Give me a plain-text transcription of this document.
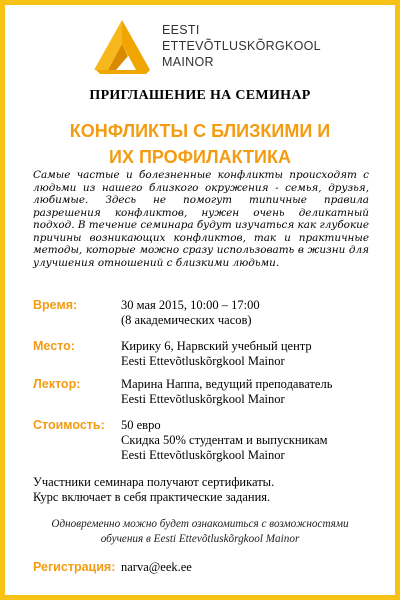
EESTI
ETTEVÕTLUSKÕRGKOOL
MAINOR
ПРИГЛАШЕНИЕ НА СЕМИНАР
КОНФЛИКТЫ С БЛИЗКИМИ И
ИХ ПРОФИЛАКТИКА
Самые частые и болезненные конфликты происходят с людьми из нашего близкого окружения - семья, друзья, любимые. Здесь не помогут типичные правила разрешения конфликтов, нужен очень деликатный подход. В течение семинара будут изучаться как глубокие причины возникающих конфликтов, так и практичные методы, которые можно сразу использовать в жизни для улучшения отношений с близкими людьми.
Время:	30 мая 2015, 10:00 – 17:00
(8 академических часов)
Место:	Кирику 6, Нарвский учебный центр
Eesti Ettevõtluskõrgkool Mainor
Лектор:	Марина Наппа, ведущий преподаватель
Eesti Ettevõtluskõrgkool Mainor
Стоимость: 50 евро
Скидка 50% студентам и выпускникам
Eesti Ettevõtluskõrgkool Mainor
Участники семинара получают сертификаты.
Курс включает в себя практические задания.
Одновременно можно будет ознакомиться с возможностями
обучения в Eesti Ettevõtluskõrgkool Mainor
Регистрация: narva@eek.ee
